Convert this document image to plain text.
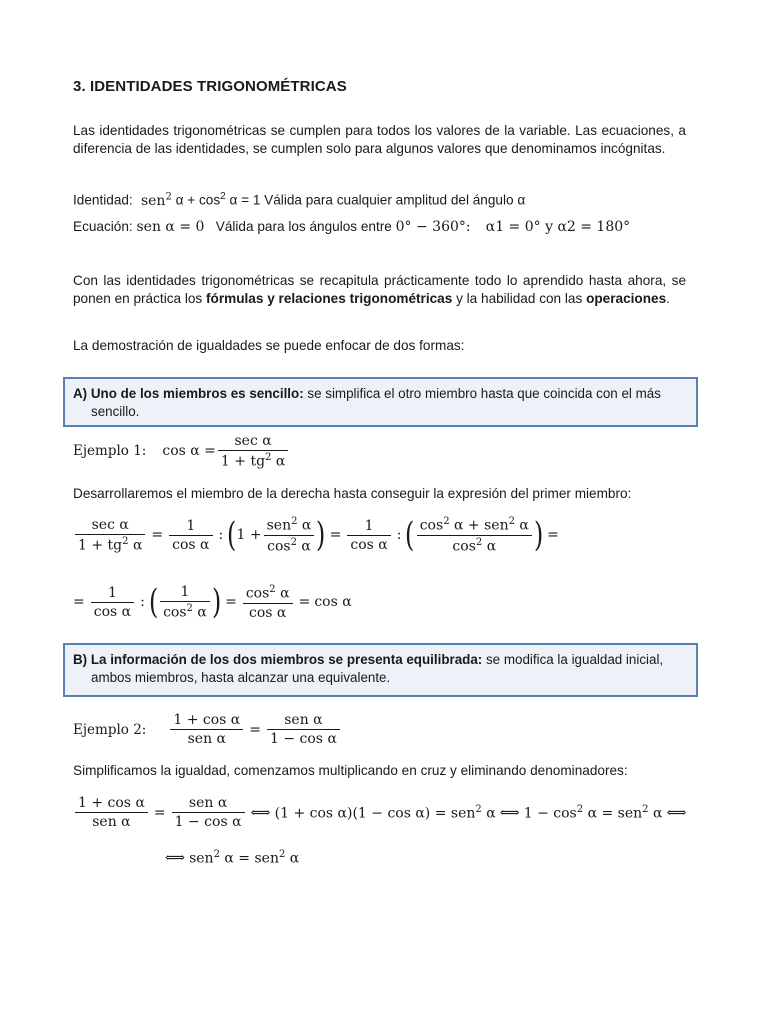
3. IDENTIDADES TRIGONOMÉTRICAS
Las identidades trigonométricas se cumplen para todos los valores de la variable. Las ecuaciones, a diferencia de las identidades, se cumplen solo para algunos valores que denominamos incógnitas.
Identidad: sen$^2$ $\alpha + \cos^2 \alpha = 1$ Válida para cualquier amplitud del ángulo α
Ecuación: sen α = 0 Válida para los ángulos entre 0° − 360°: α1 = 0° y α2 = 180°
Con las identidades trigonométricas se recapitula prácticamente todo lo aprendido hasta ahora, se ponen en práctica los fórmulas y relaciones trigonométricas y la habilidad con las operaciones.
La demostración de igualdades se puede enfocar de dos formas:
A) Uno de los miembros es sencillo: se simplifica el otro miembro hasta que coincida con el más
sencillo.
Ejemplo 1: $\cos \alpha = \frac{\text{sec α}}{1 + tg^2 \alpha}$
Desarrollaremos el miembro de la derecha hasta conseguir la expresión del primer miembro:
$\frac{\text{sec α}}{1 + tg^2 \alpha} = \frac{1}{\text{cos α}}$ : ( $1 + \frac{sen^2 \alpha}{\cos^2 \alpha}$ ) = $\frac{1}{\text{cos α}}$ : ( $\frac{\cos^2 \alpha + sen^2 \alpha}{\cos^2 \alpha}$ ) =
= $\frac{1}{\text{cos α}}$ : ( $\frac{1}{\cos^2 \alpha}$ ) = $\frac{\cos^2 \alpha}{\text{cos α}} = \cos \alpha$
B) La información de los dos miembros se presenta equilibrada: se modifica la igualdad inicial,
ambos miembros, hasta alcanzar una equivalente.
Ejemplo 2: $\frac{\text{1 + cos α}}{\text{sen α}} = \frac{\text{sen α}}{\text{1 − cos α}}$
Simplificamos la igualdad, comenzamos multiplicando en cruz y eliminando denominadores:
$\frac{\text{1 + cos α}}{\text{sen α}} = \frac{\text{sen α}}{\text{1 − cos α}}$ ⟺ (1 + cos α)(1 − cos α) = sen$^2$ α ⟺ $1 - \cos^2 \alpha = sen^2$ α ⟺
⟺ sen$^2$ α = sen$^2$ α
